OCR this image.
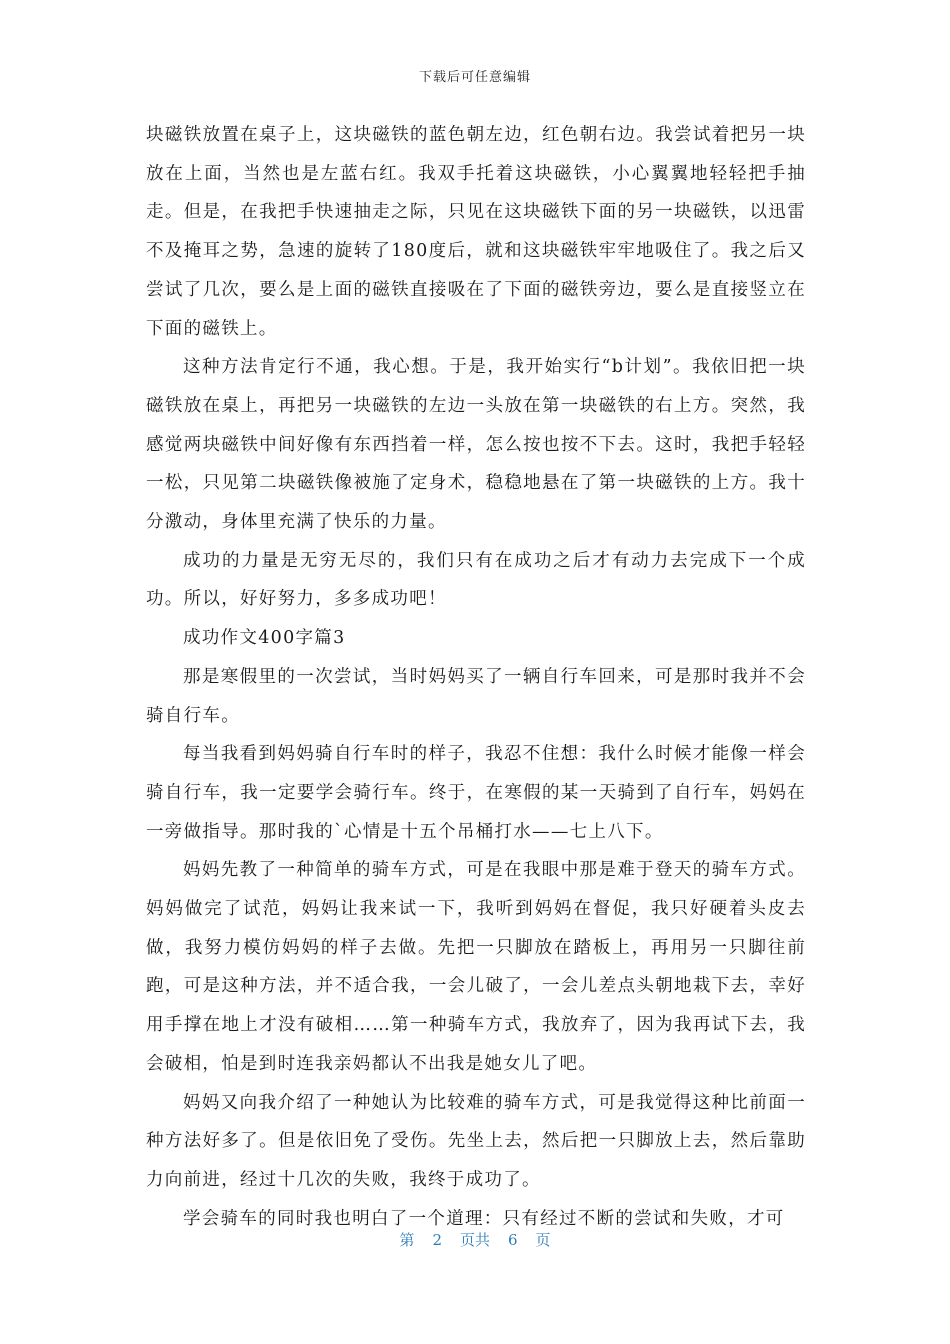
下载后可任意编辑

块磁铁放置在桌子上，这块磁铁的蓝色朝左边，红色朝右边。我尝试着把另一块放在上面，当然也是左蓝右红。我双手托着这块磁铁，小心翼翼地轻轻把手抽走。但是，在我把手快速抽走之际，只见在这块磁铁下面的另一块磁铁，以迅雷不及掩耳之势，急速的旋转了180度后，就和这块磁铁牢牢地吸住了。我之后又尝试了几次，要么是上面的磁铁直接吸在了下面的磁铁旁边，要么是直接竖立在下面的磁铁上。

这种方法肯定行不通，我心想。于是，我开始实行“b计划”。我依旧把一块磁铁放在桌上，再把另一块磁铁的左边一头放在第一块磁铁的右上方。突然，我感觉两块磁铁中间好像有东西挡着一样，怎么按也按不下去。这时，我把手轻轻一松，只见第二块磁铁像被施了定身术，稳稳地悬在了第一块磁铁的上方。我十分激动，身体里充满了快乐的力量。

成功的力量是无穷无尽的，我们只有在成功之后才有动力去完成下一个成功。所以，好好努力，多多成功吧！

成功作文400字篇3

那是寒假里的一次尝试，当时妈妈买了一辆自行车回来，可是那时我并不会骑自行车。

每当我看到妈妈骑自行车时的样子，我忍不住想：我什么时候才能像一样会骑自行车，我一定要学会骑行车。终于，在寒假的某一天骑到了自行车，妈妈在一旁做指导。那时我的`心情是十五个吊桶打水——七上八下。

妈妈先教了一种简单的骑车方式，可是在我眼中那是难于登天的骑车方式。妈妈做完了试范，妈妈让我来试一下，我听到妈妈在督促，我只好硬着头皮去做，我努力模仿妈妈的样子去做。先把一只脚放在踏板上，再用另一只脚往前跑，可是这种方法，并不适合我，一会儿破了，一会儿差点头朝地栽下去，幸好用手撑在地上才没有破相……第一种骑车方式，我放弃了，因为我再试下去，我会破相，怕是到时连我亲妈都认不出我是她女儿了吧。

妈妈又向我介绍了一种她认为比较难的骑车方式，可是我觉得这种比前面一种方法好多了。但是依旧免了受伤。先坐上去，然后把一只脚放上去，然后靠助力向前进，经过十几次的失败，我终于成功了。

学会骑车的同时我也明白了一个道理：只有经过不断的尝试和失败，才可

第 2 页共 6 页
